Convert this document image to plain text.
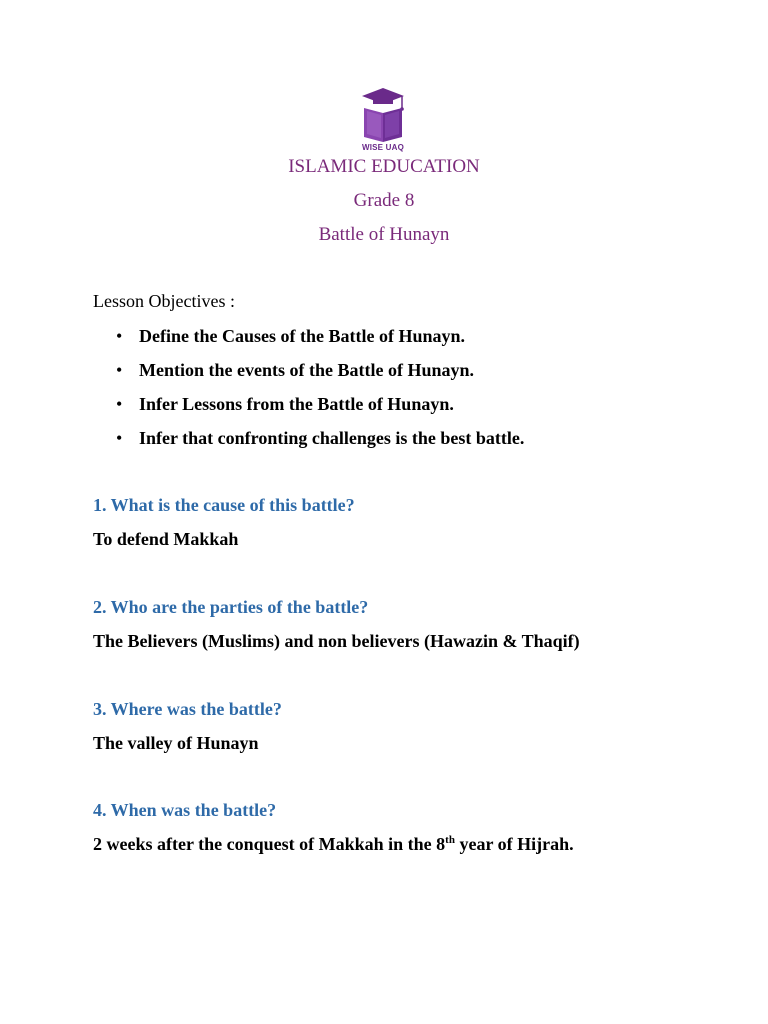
WISE UAQ
ISLAMIC EDUCATION
Grade 8
Battle of Hunayn
Lesson Objectives :
• Define the Causes of the Battle of Hunayn.
• Mention the events of the Battle of Hunayn.
• Infer Lessons from the Battle of Hunayn.
• Infer that confronting challenges is the best battle.
1. What is the cause of this battle?
To defend Makkah
2. Who are the parties of the battle?
The Believers (Muslims) and non believers (Hawazin & Thaqif)
3. Where was the battle?
The valley of Hunayn
4. When was the battle?
2 weeks after the conquest of Makkah in the 8th year of Hijrah.
